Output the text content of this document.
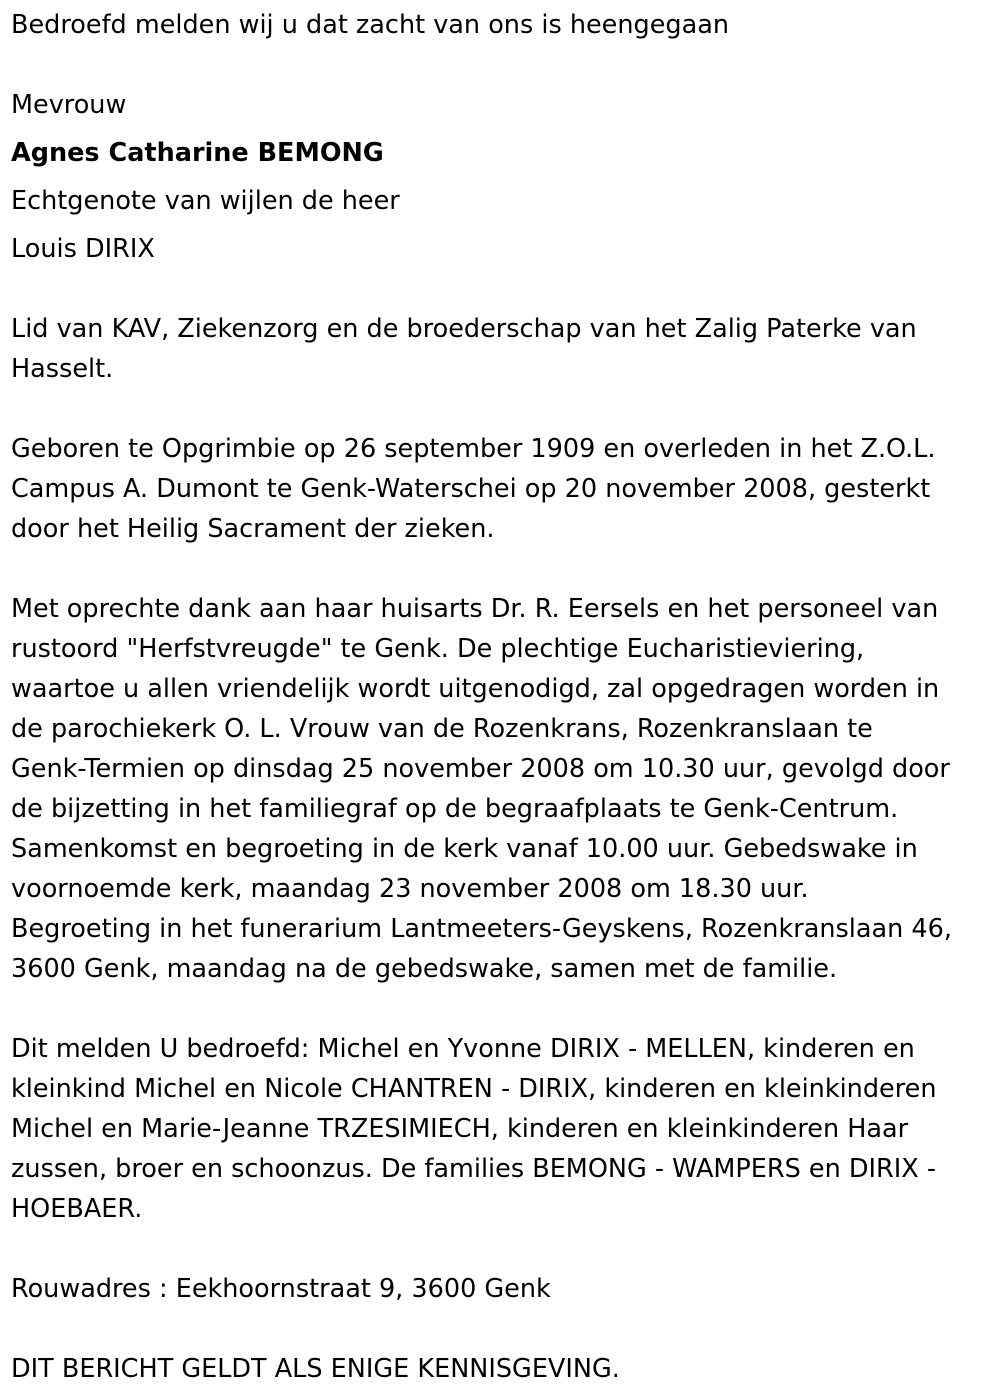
Bedroefd melden wij u dat zacht van ons is heengegaan
Mevrouw
Agnes Catharine BEMONG
Echtgenote van wijlen de heer
Louis DIRIX
Lid van KAV, Ziekenzorg en de broederschap van het Zalig Paterke van
Hasselt.
Geboren te Opgrimbie op 26 september 1909 en overleden in het Z.O.L.
Campus A. Dumont te Genk-Waterschei op 20 november 2008, gesterkt
door het Heilig Sacrament der zieken.
Met oprechte dank aan haar huisarts Dr. R. Eersels en het personeel van
rustoord "Herfstvreugde" te Genk. De plechtige Eucharistieviering,
waartoe u allen vriendelijk wordt uitgenodigd, zal opgedragen worden in
de parochiekerk O. L. Vrouw van de Rozenkrans, Rozenkranslaan te
Genk-Termien op dinsdag 25 november 2008 om 10.30 uur, gevolgd door
de bijzetting in het familiegraf op de begraafplaats te Genk-Centrum.
Samenkomst en begroeting in de kerk vanaf 10.00 uur. Gebedswake in
voornoemde kerk, maandag 23 november 2008 om 18.30 uur.
Begroeting in het funerarium Lantmeeters-Geyskens, Rozenkranslaan 46,
3600 Genk, maandag na de gebedswake, samen met de familie.
Dit melden U bedroefd: Michel en Yvonne DIRIX - MELLEN, kinderen en
kleinkind Michel en Nicole CHANTREN - DIRIX, kinderen en kleinkinderen
Michel en Marie-Jeanne TRZESIMIECH, kinderen en kleinkinderen Haar
zussen, broer en schoonzus. De families BEMONG - WAMPERS en DIRIX -
HOEBAER.
Rouwadres : Eekhoornstraat 9, 3600 Genk
DIT BERICHT GELDT ALS ENIGE KENNISGEVING.
